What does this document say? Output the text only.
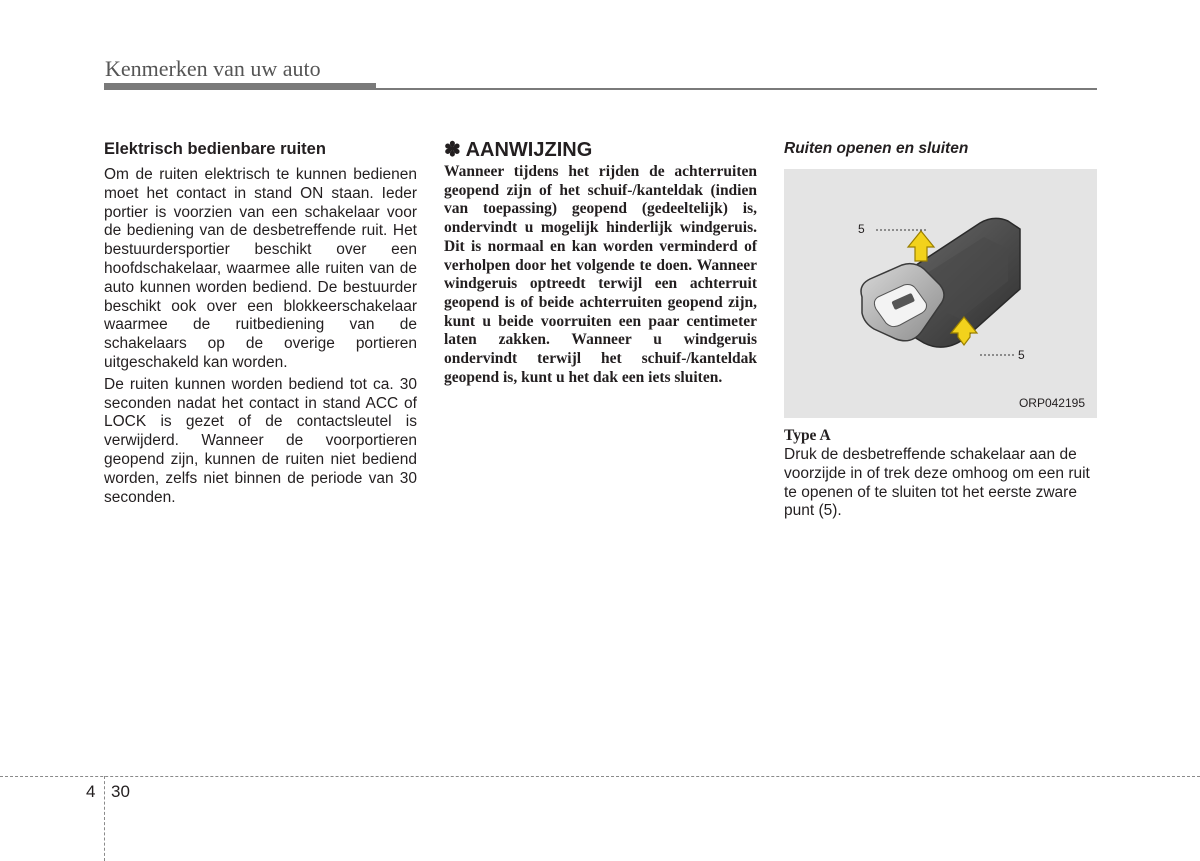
Kenmerken van uw auto
Elektrisch bedienbare ruiten

Om de ruiten elektrisch te kunnen bedienen moet het contact in stand ON staan. Ieder portier is voorzien van een schakelaar voor de bediening van de desbetreffende ruit. Het bestuurdersportier beschikt over een hoofdschakelaar, waarmee alle ruiten van de auto kunnen worden bediend. De bestuurder beschikt ook over een blokkeerschakelaar waarmee de ruitbediening van de schakelaars op de overige portieren uitgeschakeld kan worden.

De ruiten kunnen worden bediend tot ca. 30 seconden nadat het contact in stand ACC of LOCK is gezet of de contactsleutel is verwijderd. Wanneer de voorportieren geopend zijn, kunnen de ruiten niet bediend worden, zelfs niet binnen de periode van 30 seconden.

✽ AANWIJZING

Wanneer tijdens het rijden de achterruiten geopend zijn of het schuif-/kanteldak (indien van toepassing) geopend (gedeeltelijk) is, ondervindt u mogelijk hinderlijk windgeruis. Dit is normaal en kan worden verminderd of verholpen door het volgende te doen. Wanneer windgeruis optreedt terwijl een achterruit geopend is of beide achterruiten geopend zijn, kunt u beide voorruiten een paar centimeter laten zakken. Wanneer u windgeruis ondervindt terwijl het schuif-/kanteldak geopend is, kunt u het dak een iets sluiten.

Ruiten openen en sluiten
5
5
ORP042195
Type A

Druk de desbetreffende schakelaar aan de voorzijde in of trek deze omhoog om een ruit te openen of te sluiten tot het eerste zware punt (5).

4 30
